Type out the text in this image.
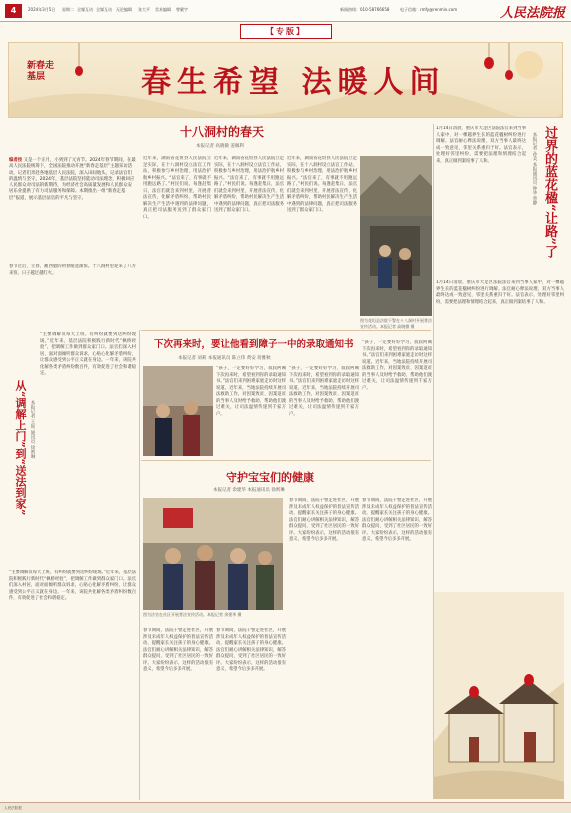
4	2024年3月5日 星期二 全媒互动 全媒互动 无论编辑 张大平 美术编辑 曾繁宇	新闻热线：010-58766658	电子信箱：rmfy@renmin.com	人民法院报
【专版】
新春走基层	春生希望 法暖人间
编者按 又是一个正月，小到到了元宵节。2024年春节期间，在最高人民法院统筹下，全国法院推动开展“新春走基层”主题采访活动，记者们奔赴各地基层人民法院，深入田间地头，记录法官们的温情与坚守。2024年，基层法院坚持能动司法理念，积极回应人民群众对司法的新期待，为经济社会高质量发展和人民群众安居乐业提供了有力司法服务和保障。本期推出一组“新春走基层”报道，展示基层法官的平凡与坚守。
春节过后，立春，湘西腊的初春暖意渐浓。十八洞村里迎来了八方来客，日子越过越红火。
十八洞村的春天
本报记者 高晓微 姜佩利
近年来，湖南省花垣县人民法院立足实际，在十八洞村设立法官工作站，积极参与乡村治理，用法治护航乡村振兴。“法官来了，有事就不用跑远路了。”村民们说。每逢赶集日，法官们就会来到村里，开展普法宣传，化解矛盾纠纷，帮助村民解决生产生活中遇到的法律问题，真正把司法服务送到了群众家门口。
近年来，湖南省花垣县人民法院立足实际，在十八洞村设立法官工作站，积极参与乡村治理，用法治护航乡村振兴。“法官来了，有事就不用跑远路了。”村民们说。每逢赶集日，法官们就会来到村里，开展普法宣传，化解矛盾纠纷，帮助村民解决生产生活中遇到的法律问题，真正把司法服务送到了群众家门口。
近年来，湖南省花垣县人民法院立足实际，在十八洞村设立法官工作站，积极参与乡村治理，用法治护航乡村振兴。“法官来了，有事就不用跑远路了。”村民们说。每逢赶集日，法官们就会来到村里，开展普法宣传，化解矛盾纠纷，帮助村民解决生产生活中遇到的法律问题，真正把司法服务送到了群众家门口。
图为花垣县法院干警在十八洞村开展普法宣传活动。本报记者 高晓微 摄
过界的蓝花楹“让路”了
本报记者 孙美 本报通讯员 钟华 曾静
1月14日清晨，重庆市大足区法院法官来到当事人家中，对一棵越界生长的蓝花楹树纠纷进行调解。法官耐心释法说理，双方当事人最终达成一致意见，邻里关系重归于好。法官表示，处理好邻里纠纷，需要把法理和情理结合起来，真正做到案结事了人和。
1月14日清晨，重庆市大足区法院法官来到当事人家中，对一棵越界生长的蓝花楹树纠纷进行调解。法官耐心释法说理，双方当事人最终达成一致意见，邻里关系重归于好。法官表示，处理好邻里纠纷，需要把法理和情理结合起来，真正做到案结事了人和。
从“调解上门”到“送法到家” 本报记者 王锐 通讯员 徐则琳
“主要调解员每天上班，有纠纷就要到达纠纷现场。”近年来，基层法院积极践行新时代“枫桥经验”，把调解工作做到群众家门口。法官们深入村居，面对面倾听群众诉求，心贴心化解矛盾纠纷，让群众感受到公平正义就在身边。一年来，该院共化解各类矛盾纠纷数百件，有效促进了社会和谐稳定。
“主要调解员每天上班，有纠纷就要到达纠纷现场。”近年来，基层法院积极践行新时代“枫桥经验”，把调解工作做到群众家门口。法官们深入村居，面对面倾听群众诉求，心贴心化解矛盾纠纷，让群众感受到公平正义就在身边。一年来，该院共化解各类矛盾纠纷数百件，有效促进了社会和谐稳定。
下次再来时，要让他看到障子一中的录取通知书
本报记者 刘莉 本报通讯员 陈立伟 黄安 蒋雅秋
“孩子，一定要好好学习，叔叔阿姨下次再来时，希望看到你的录取通知书。”法官们来到困难家庭走访时这样说道。近年来，当地法院持续开展司法救助工作，对因案致贫、因案返贫的当事人及时给予救助，帮助他们渡过难关，让司法温情传递到千家万户。
“孩子，一定要好好学习，叔叔阿姨下次再来时，希望看到你的录取通知书。”法官们来到困难家庭走访时这样说道。近年来，当地法院持续开展司法救助工作，对因案致贫、因案返贫的当事人及时给予救助，帮助他们渡过难关，让司法温情传递到千家万户。
“孩子，一定要好好学习，叔叔阿姨下次再来时，希望看到你的录取通知书。”法官们来到困难家庭走访时这样说道。近年来，当地法院持续开展司法救助工作，对因案致贫、因案返贫的当事人及时给予救助，帮助他们渡过难关，让司法温情传递到千家万户。
守护宝宝们的健康
本报记者 余建华 本报通讯员 徐则琳
图为法官在社区开展普法宣传活动。本报记者 余建华 摄
春节期间，法院干警走进社区，开展涉及未成年人权益保护的普法宣传活动，提醒家长关注孩子的身心健康。法官们耐心讲解相关法律知识，解答群众提问，受到了社区居民的一致好评。大家纷纷表示，这样的活动很有意义，希望今后多多开展。
春节期间，法院干警走进社区，开展涉及未成年人权益保护的普法宣传活动，提醒家长关注孩子的身心健康。法官们耐心讲解相关法律知识，解答群众提问，受到了社区居民的一致好评。大家纷纷表示，这样的活动很有意义，希望今后多多开展。
春节期间，法院干警走进社区，开展涉及未成年人权益保护的普法宣传活动，提醒家长关注孩子的身心健康。法官们耐心讲解相关法律知识，解答群众提问，受到了社区居民的一致好评。大家纷纷表示，这样的活动很有意义，希望今后多多开展。
春节期间，法院干警走进社区，开展涉及未成年人权益保护的普法宣传活动，提醒家长关注孩子的身心健康。法官们耐心讲解相关法律知识，解答群众提问，受到了社区居民的一致好评。大家纷纷表示，这样的活动很有意义，希望今后多多开展。
人民法院报
